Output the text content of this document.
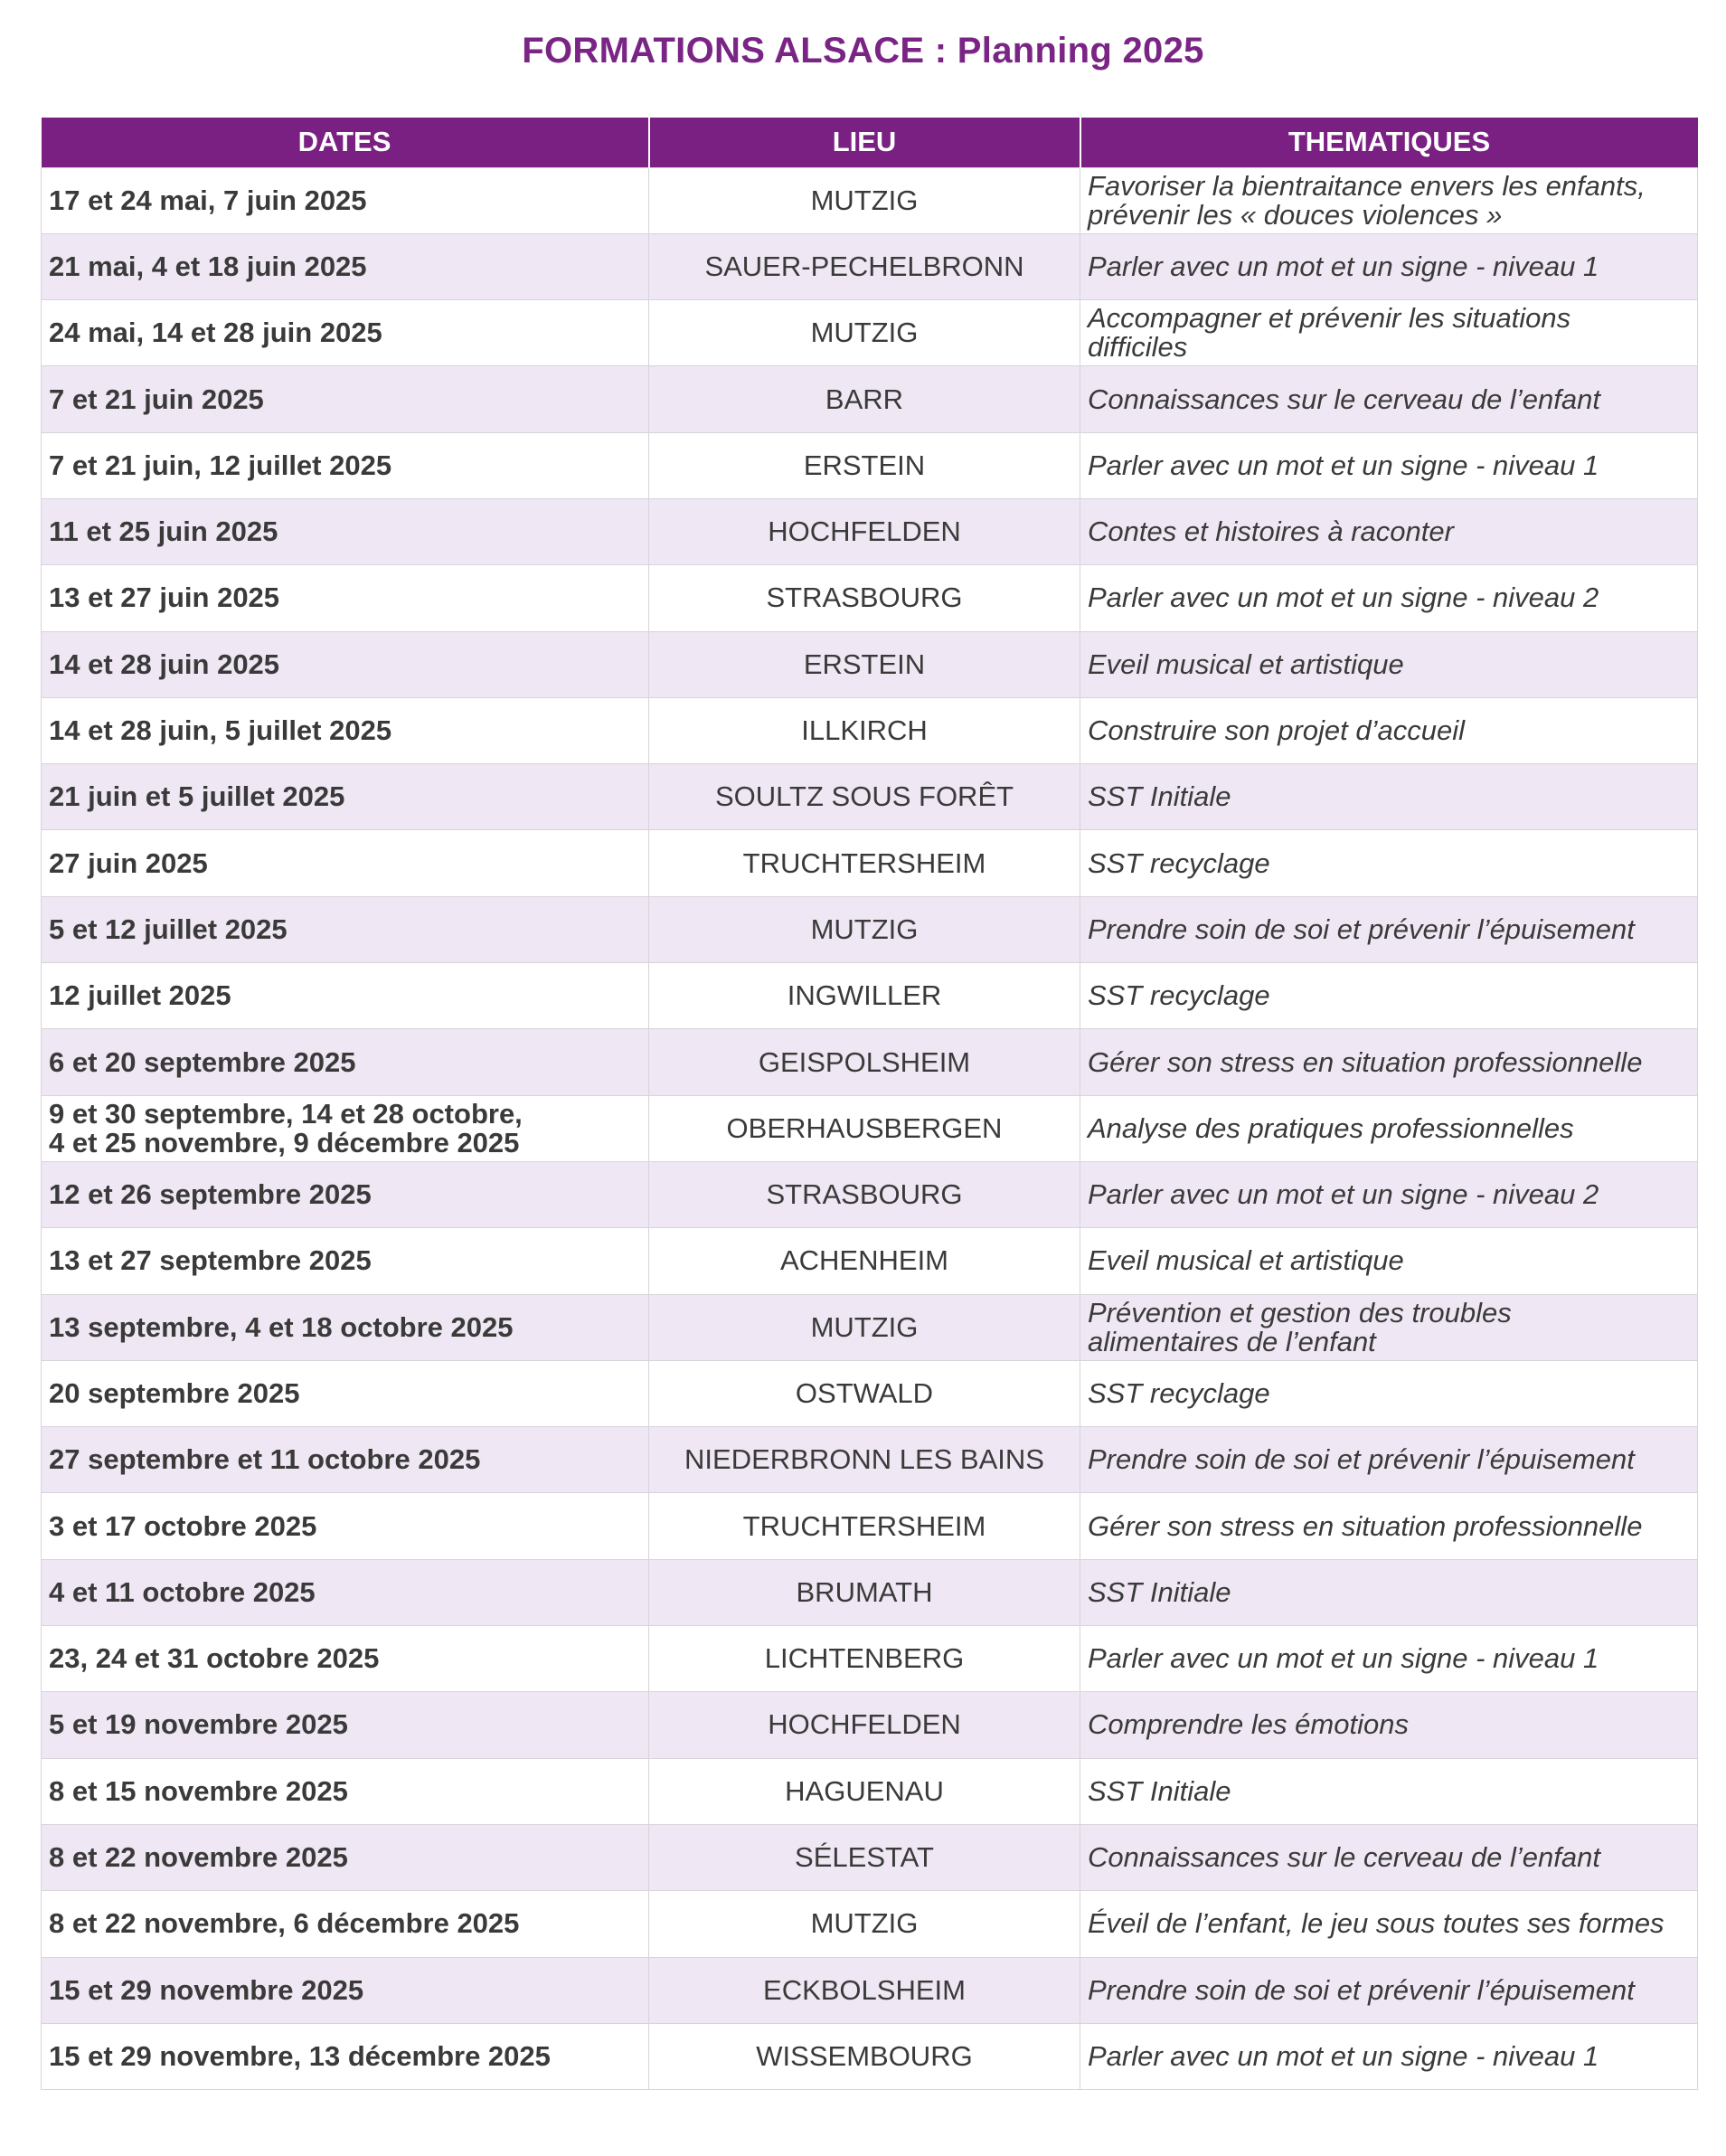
FORMATIONS ALSACE : Planning 2025
DATES	LIEU	THEMATIQUES
17 et 24 mai, 7 juin 2025	MUTZIG	Favoriser la bientraitance envers les enfants,
prévenir les « douces violences »
21 mai, 4 et 18 juin 2025	SAUER-PECHELBRONN	Parler avec un mot et un signe - niveau 1
24 mai, 14 et 28 juin 2025	MUTZIG	Accompagner et prévenir les situations
difficiles
7 et 21 juin 2025	BARR	Connaissances sur le cerveau de l’enfant
7 et 21 juin, 12 juillet 2025	ERSTEIN	Parler avec un mot et un signe - niveau 1
11 et 25 juin 2025	HOCHFELDEN	Contes et histoires à raconter
13 et 27 juin 2025	STRASBOURG	Parler avec un mot et un signe - niveau 2
14 et 28 juin 2025	ERSTEIN	Eveil musical et artistique
14 et 28 juin, 5 juillet 2025	ILLKIRCH	Construire son projet d’accueil
21 juin et 5 juillet 2025	SOULTZ SOUS FORÊT	SST Initiale
27 juin 2025	TRUCHTERSHEIM	SST recyclage
5 et 12 juillet 2025	MUTZIG	Prendre soin de soi et prévenir l’épuisement
12 juillet 2025	INGWILLER	SST recyclage
6 et 20 septembre 2025	GEISPOLSHEIM	Gérer son stress en situation professionnelle
9 et 30 septembre, 14 et 28 octobre,
4 et 25 novembre, 9 décembre 2025	OBERHAUSBERGEN	Analyse des pratiques professionnelles
12 et 26 septembre 2025	STRASBOURG	Parler avec un mot et un signe - niveau 2
13 et 27 septembre 2025	ACHENHEIM	Eveil musical et artistique
13 septembre, 4 et 18 octobre 2025	MUTZIG	Prévention et gestion des troubles
alimentaires de l’enfant
20 septembre 2025	OSTWALD	SST recyclage
27 septembre et 11 octobre 2025	NIEDERBRONN LES BAINS	Prendre soin de soi et prévenir l’épuisement
3 et 17 octobre 2025	TRUCHTERSHEIM	Gérer son stress en situation professionnelle
4 et 11 octobre 2025	BRUMATH	SST Initiale
23, 24 et 31 octobre 2025	LICHTENBERG	Parler avec un mot et un signe - niveau 1
5 et 19 novembre 2025	HOCHFELDEN	Comprendre les émotions
8 et 15 novembre 2025	HAGUENAU	SST Initiale
8 et 22 novembre 2025	SÉLESTAT	Connaissances sur le cerveau de l’enfant
8 et 22 novembre, 6 décembre 2025	MUTZIG	Éveil de l’enfant, le jeu sous toutes ses formes
15 et 29 novembre 2025	ECKBOLSHEIM	Prendre soin de soi et prévenir l’épuisement
15 et 29 novembre, 13 décembre 2025	WISSEMBOURG	Parler avec un mot et un signe - niveau 1
